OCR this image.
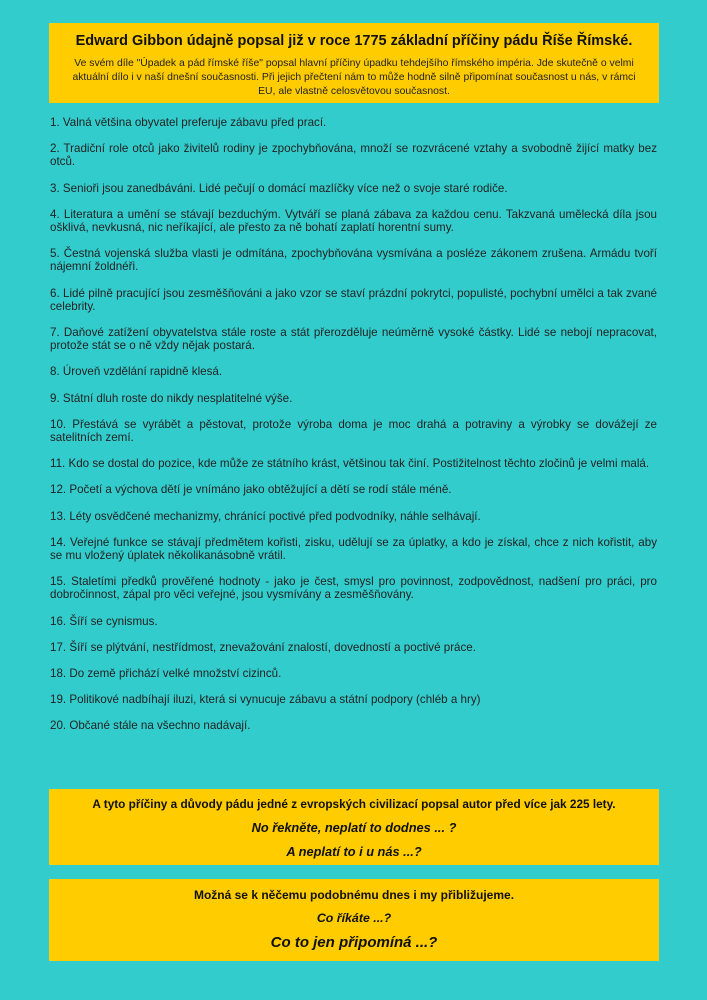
Edward Gibbon údajně popsal již v roce 1775 základní příčiny pádu Říše Římské.
Ve svém díle "Úpadek a pád římské říše" popsal hlavní příčiny úpadku tehdejšího římského impéria. Jde skutečně o velmi aktuální dílo i v naší dnešní současnosti. Při jejich přečtení nám to může hodně silně připomínat současnost u nás, v rámci EU, ale vlastně celosvětovou současnost.
1. Valná většina obyvatel preferuje zábavu před prací.
2. Tradiční role otců jako živitelů rodiny je zpochybňována, množí se rozvrácené vztahy a svobodně žijící matky bez otců.
3. Senioři jsou zanedbáváni. Lidé pečují o domácí mazlíčky více než o svoje staré rodiče.
4. Literatura a umění se stávají bezduchým. Vytváří se planá zábava za každou cenu. Takzvaná umělecká díla jsou ošklivá, nevkusná, nic neříkající, ale přesto za ně bohatí zaplatí horentní sumy.
5. Čestná vojenská služba vlasti je odmítána, zpochybňována vysmívána a posléze zákonem zrušena. Armádu tvoří nájemní žoldnéři.
6. Lidé pilně pracující jsou zesměšňováni a jako vzor se staví prázdní pokrytci, populisté, pochybní umělci a tak zvané celebrity.
7. Daňové zatížení obyvatelstva stále roste a stát přerozděluje neúměrně vysoké částky. Lidé se nebojí nepracovat, protože stát se o ně vždy nějak postará.
8. Úroveň vzdělání rapidně klesá.
9. Státní dluh roste do nikdy nesplatitelné výše.
10. Přestává se vyrábět a pěstovat, protože výroba doma je moc drahá a potraviny a výrobky se dovážejí ze satelitních zemí.
11. Kdo se dostal do pozice, kde může ze státního krást, většinou tak činí. Postižitelnost těchto zločinů je velmi malá.
12. Početí a výchova dětí je vnímáno jako obtěžující a dětí se rodí stále méně.
13. Léty osvědčené mechanizmy, chránící poctivé před podvodníky, náhle selhávají.
14. Veřejné funkce se stávají předmětem kořisti, zisku, udělují se za úplatky, a kdo je získal, chce z nich kořistit, aby se mu vložený úplatek několikanásobně vrátil.
15. Staletími předků prověřené hodnoty - jako je čest, smysl pro povinnost, zodpovědnost, nadšení pro práci, pro dobročinnost, zápal pro věci veřejné, jsou vysmívány a zesměšňovány.
16. Šíří se cynismus.
17. Šíří se plýtvání, nestřídmost, znevažování znalostí, dovedností a poctivé práce.
18. Do země přichází velké množství cizinců.
19. Politikové nadbíhají iluzi, která si vynucuje zábavu a státní podpory (chléb a hry)
20. Občané stále na všechno nadávají.
A tyto příčiny a důvody pádu jedné z evropských civilizací popsal autor před více jak 225 lety.
No řekněte, neplatí to dodnes ... ?
A neplatí to i u nás ...?
Možná se k něčemu podobnému dnes i my přibližujeme.
Co říkáte ...?
Co to jen připomíná ...?
